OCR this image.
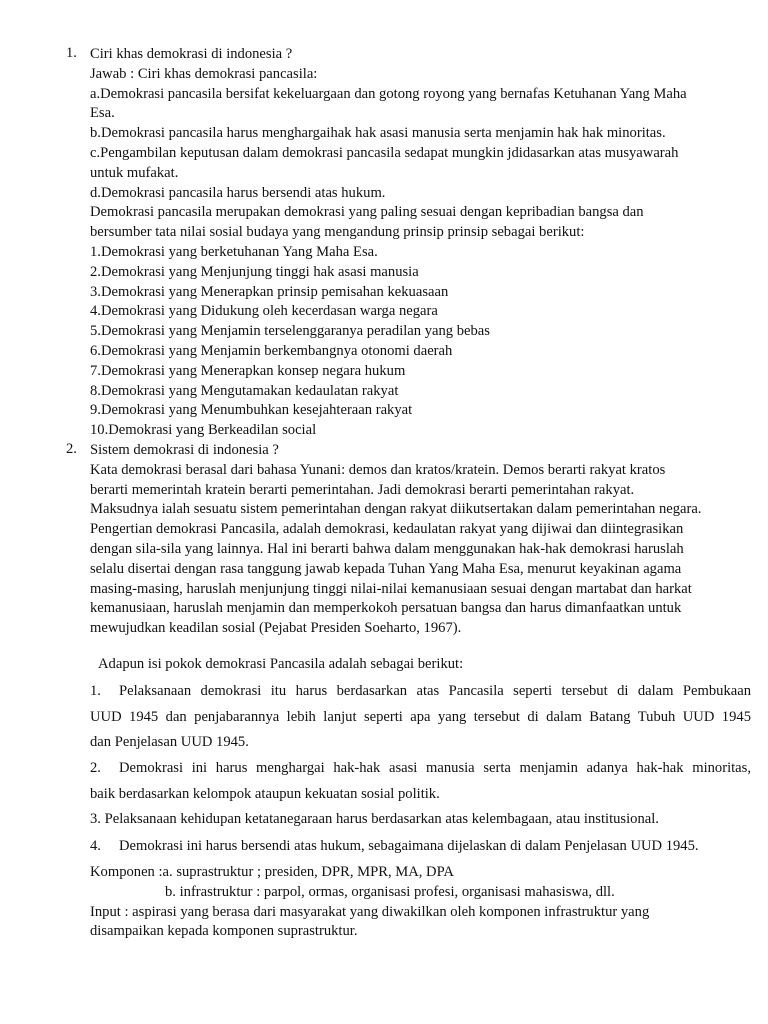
1. Ciri khas demokrasi di indonesia ?
Jawab : Ciri khas demokrasi pancasila:
a.Demokrasi pancasila bersifat kekeluargaan dan gotong royong yang bernafas Ketuhanan Yang Maha
Esa.
b.Demokrasi pancasila harus menghargaihak hak asasi manusia serta menjamin hak hak minoritas.
c.Pengambilan keputusan dalam demokrasi pancasila sedapat mungkin jdidasarkan atas musyawarah
untuk mufakat.
d.Demokrasi pancasila harus bersendi atas hukum.
Demokrasi pancasila merupakan demokrasi yang paling sesuai dengan kepribadian bangsa dan
bersumber tata nilai sosial budaya yang mengandung prinsip prinsip sebagai berikut:
1.Demokrasi yang berketuhanan Yang Maha Esa.
2.Demokrasi yang Menjunjung tinggi hak asasi manusia
3.Demokrasi yang Menerapkan prinsip pemisahan kekuasaan
4.Demokrasi yang Didukung oleh kecerdasan warga negara
5.Demokrasi yang Menjamin terselenggaranya peradilan yang bebas
6.Demokrasi yang Menjamin berkembangnya otonomi daerah
7.Demokrasi yang Menerapkan konsep negara hukum
8.Demokrasi yang Mengutamakan kedaulatan rakyat
9.Demokrasi yang Menumbuhkan kesejahteraan rakyat
10.Demokrasi yang Berkeadilan social
2. Sistem demokrasi di indonesia ?
Kata demokrasi berasal dari bahasa Yunani: demos dan kratos/kratein. Demos berarti rakyat kratos
berarti memerintah kratein berarti pemerintahan. Jadi demokrasi berarti pemerintahan rakyat.
Maksudnya ialah sesuatu sistem pemerintahan dengan rakyat diikutsertakan dalam pemerintahan negara.
Pengertian demokrasi Pancasila, adalah demokrasi, kedaulatan rakyat yang dijiwai dan diintegrasikan
dengan sila-sila yang lainnya. Hal ini berarti bahwa dalam menggunakan hak-hak demokrasi haruslah
selalu disertai dengan rasa tanggung jawab kepada Tuhan Yang Maha Esa, menurut keyakinan agama
masing-masing, haruslah menjunjung tinggi nilai-nilai kemanusiaan sesuai dengan martabat dan harkat
kemanusiaan, haruslah menjamin dan memperkokoh persatuan bangsa dan harus dimanfaatkan untuk
mewujudkan keadilan sosial (Pejabat Presiden Soeharto, 1967).
Adapun isi pokok demokrasi Pancasila adalah sebagai berikut:
1. Pelaksanaan demokrasi itu harus berdasarkan atas Pancasila seperti tersebut di dalam Pembukaan
UUD 1945 dan penjabarannya lebih lanjut seperti apa yang tersebut di dalam Batang Tubuh UUD 1945
dan Penjelasan UUD 1945.
2. Demokrasi ini harus menghargai hak-hak asasi manusia serta menjamin adanya hak-hak minoritas,
baik berdasarkan kelompok ataupun kekuatan sosial politik.
3. Pelaksanaan kehidupan ketatanegaraan harus berdasarkan atas kelembagaan, atau institusional.
4. Demokrasi ini harus bersendi atas hukum, sebagaimana dijelaskan di dalam Penjelasan UUD 1945.
Komponen :a. suprastruktur ; presiden, DPR, MPR, MA, DPA
b. infrastruktur : parpol, ormas, organisasi profesi, organisasi mahasiswa, dll.
Input : aspirasi yang berasa dari masyarakat yang diwakilkan oleh komponen infrastruktur yang
disampaikan kepada komponen suprastruktur.
